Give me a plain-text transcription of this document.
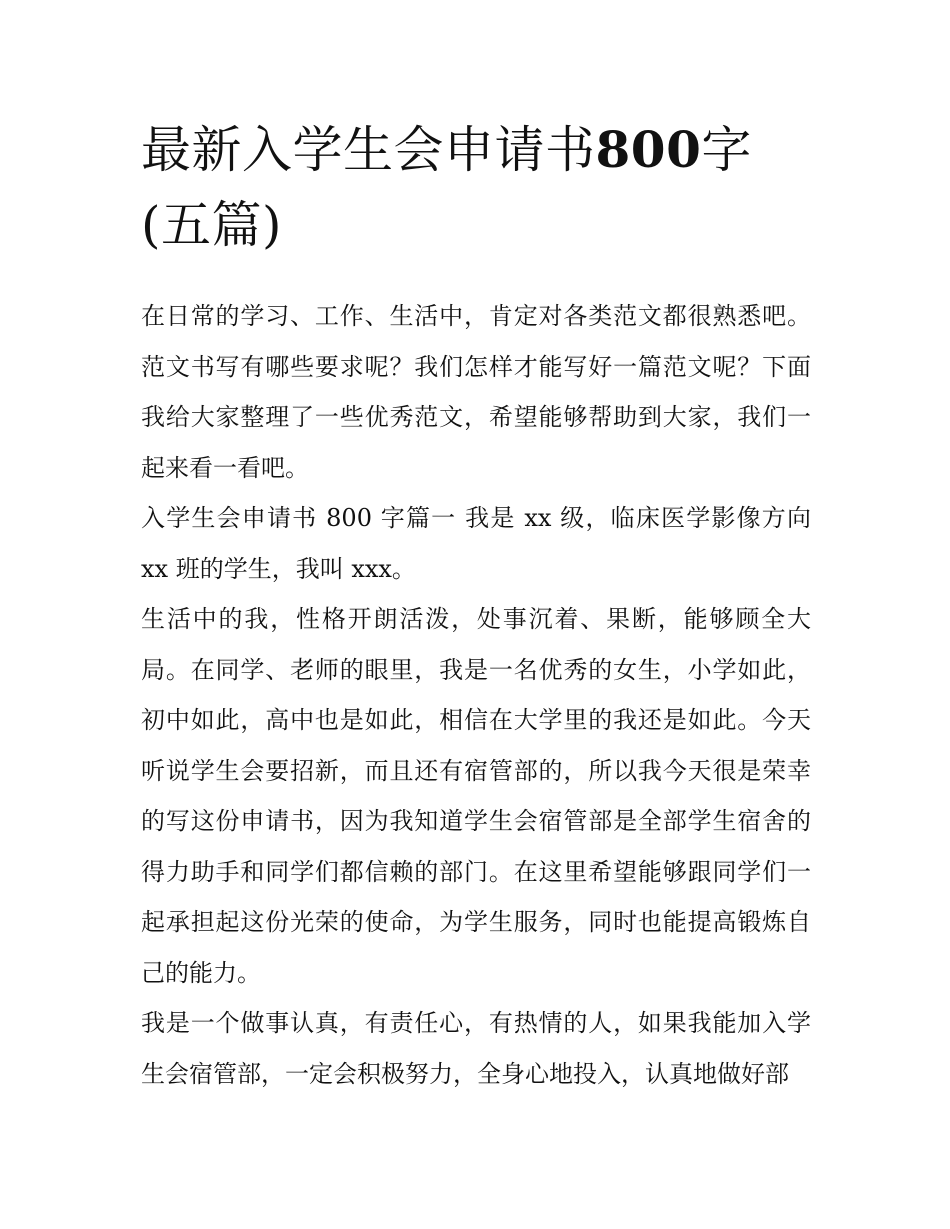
最新入学生会申请书800字(五篇)

在日常的学习、工作、生活中，肯定对各类范文都很熟悉吧。范文书写有哪些要求呢？我们怎样才能写好一篇范文呢？下面我给大家整理了一些优秀范文，希望能够帮助到大家，我们一起来看一看吧。

入学生会申请书 800 字篇一 我是 xx 级，临床医学影像方向 xx 班的学生，我叫 xxx。

生活中的我，性格开朗活泼，处事沉着、果断，能够顾全大局。在同学、老师的眼里，我是一名优秀的女生，小学如此，初中如此，高中也是如此，相信在大学里的我还是如此。今天听说学生会要招新，而且还有宿管部的，所以我今天很是荣幸的写这份申请书，因为我知道学生会宿管部是全部学生宿舍的得力助手和同学们都信赖的部门。在这里希望能够跟同学们一起承担起这份光荣的使命，为学生服务，同时也能提高锻炼自己的能力。

我是一个做事认真，有责任心，有热情的人，如果我能加入学生会宿管部，一定会积极努力，全身心地投入，认真地做好部
